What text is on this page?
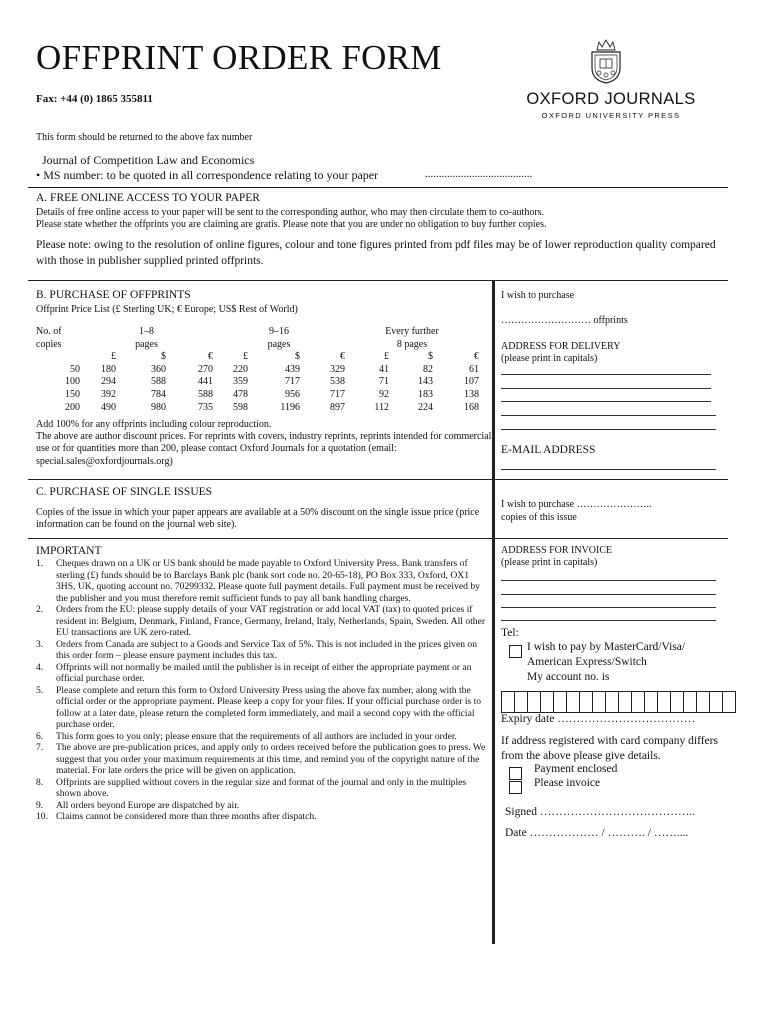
OFFPRINT ORDER FORM
Fax: +44 (0) 1865 355811	OXFORD JOURNALS
OXFORD UNIVERSITY PRESS
This form should be returned to the above fax number
Journal of Competition Law and Economics
• MS number: to be quoted in all correspondence relating to your paper	.......................................
A. FREE ONLINE ACCESS TO YOUR PAPER
Details of free online access to your paper will be sent to the corresponding author, who may then circulate them to co-authors.
Please state whether the offprints you are claiming are gratis. Please note that you are under no obligation to buy further copies.
Please note: owing to the resolution of online figures, colour and tone figures printed from pdf files may be of lower reproduction quality compared with those in publisher supplied printed offprints.
B. PURCHASE OF OFFPRINTS
Offprint Price List (£ Sterling UK; € Europe; US$ Rest of World)
No. of	1–8			9–16			Every further		
copies	pages			pages			8 pages		
	£	$	€	£	$	€	£	$	€
50	180	360	270	220	439	329	41	82	61
100	294	588	441	359	717	538	71	143	107
150	392	784	588	478	956	717	92	183	138
200	490	980	735	598	1196	897	112	224	168
Add 100% for any offprints including colour reproduction.
The above are author discount prices. For reprints with covers, industry reprints, reprints intended for commercial use or for quantities more than 200, please contact Oxford Journals for a quotation (email: special.sales@oxfordjournals.org)
C. PURCHASE OF SINGLE ISSUES
Copies of the issue in which your paper appears are available at a 50% discount on the single issue price (price information can be found on the journal web site).
IMPORTANT
1. Cheques drawn on a UK or US bank should be made payable to Oxford University Press. Bank transfers of sterling (£) funds should be to Barclays Bank plc (bank sort code no. 20-65-18), PO Box 333, Oxford, OX1 3HS, UK, quoting account no. 70299332. Please quote full payment details. Full payment must be received by the publisher and you must therefore remit sufficient funds to pay all bank handling charges.
2. Orders from the EU: please supply details of your VAT registration or add local VAT (tax) to quoted prices if resident in: Belgium, Denmark, Finland, France, Germany, Ireland, Italy, Netherlands, Spain, Sweden. All other EU transactions are UK zero-rated.
3. Orders from Canada are subject to a Goods and Service Tax of 5%. This is not included in the prices given on this order form – please ensure payment includes this tax.
4. Offprints will not normally be mailed until the publisher is in receipt of either the appropriate payment or an official purchase order.
5. Please complete and return this form to Oxford University Press using the above fax number, along with the official order or the appropriate payment. Please keep a copy for your files. If your official purchase order is to follow at a later date, please return the completed form immediately, and mail a second copy with the official purchase order.
6. This form goes to you only; please ensure that the requirements of all authors are included in your order.
7. The above are pre-publication prices, and apply only to orders received before the publication goes to press. We suggest that you order your maximum requirements at this time, and remind you of the copyright nature of the material. For late orders the price will be given on application.
8. Offprints are supplied without covers in the regular size and format of the journal and only in the multiples shown above.
9. All orders beyond Europe are dispatched by air.
10. Claims cannot be considered more than three months after dispatch.
I wish to purchase
……………………… offprints
ADDRESS FOR DELIVERY
(please print in capitals)
E-MAIL ADDRESS
I wish to purchase …………………..
copies of this issue
ADDRESS FOR INVOICE
(please print in capitals)
Tel:
I wish to pay by MasterCard/Visa/
American Express/Switch
My account no. is
Expiry date ………………………………
If address registered with card company differs from the above please give details.
Payment enclosed
Please invoice
Signed …………………………………..
Date ……………… / ………. / ……....
